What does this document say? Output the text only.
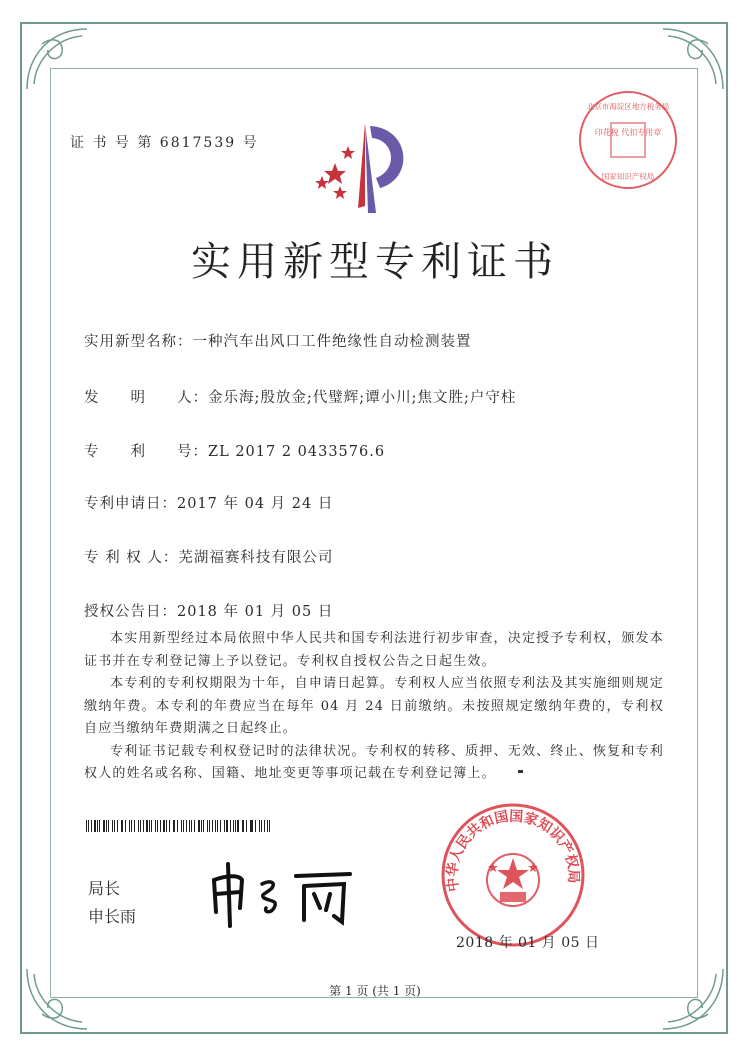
证 书 号 第 6817539 号
印花税 代扣专用章
北京市海淀区地方税务局
国家知识产权局
实用新型专利证书
实用新型名称：一种汽车出风口工件绝缘性自动检测装置
发　　明　　人：金乐海;殷放金;代璧辉;谭小川;焦文胜;户守柱
专　　利　　号：ZL 2017 2 0433576.6
专利申请日：2017 年 04 月 24 日
专 利 权 人：芜湖福赛科技有限公司
授权公告日：2018 年 01 月 05 日

本实用新型经过本局依照中华人民共和国专利法进行初步审查，决定授予专利权，颁发本证书并在专利登记簿上予以登记。专利权自授权公告之日起生效。

本专利的专利权期限为十年，自申请日起算。专利权人应当依照专利法及其实施细则规定缴纳年费。本专利的年费应当在每年 04 月 24 日前缴纳。未按照规定缴纳年费的，专利权自应当缴纳年费期满之日起终止。

专利证书记载专利权登记时的法律状况。专利权的转移、质押、无效、终止、恢复和专利权人的姓名或名称、国籍、地址变更等事项记载在专利登记簿上。

局长
申长雨
中华人民共和国国家知识产权局
2018 年 01 月 05 日
第 1 页 (共 1 页)
